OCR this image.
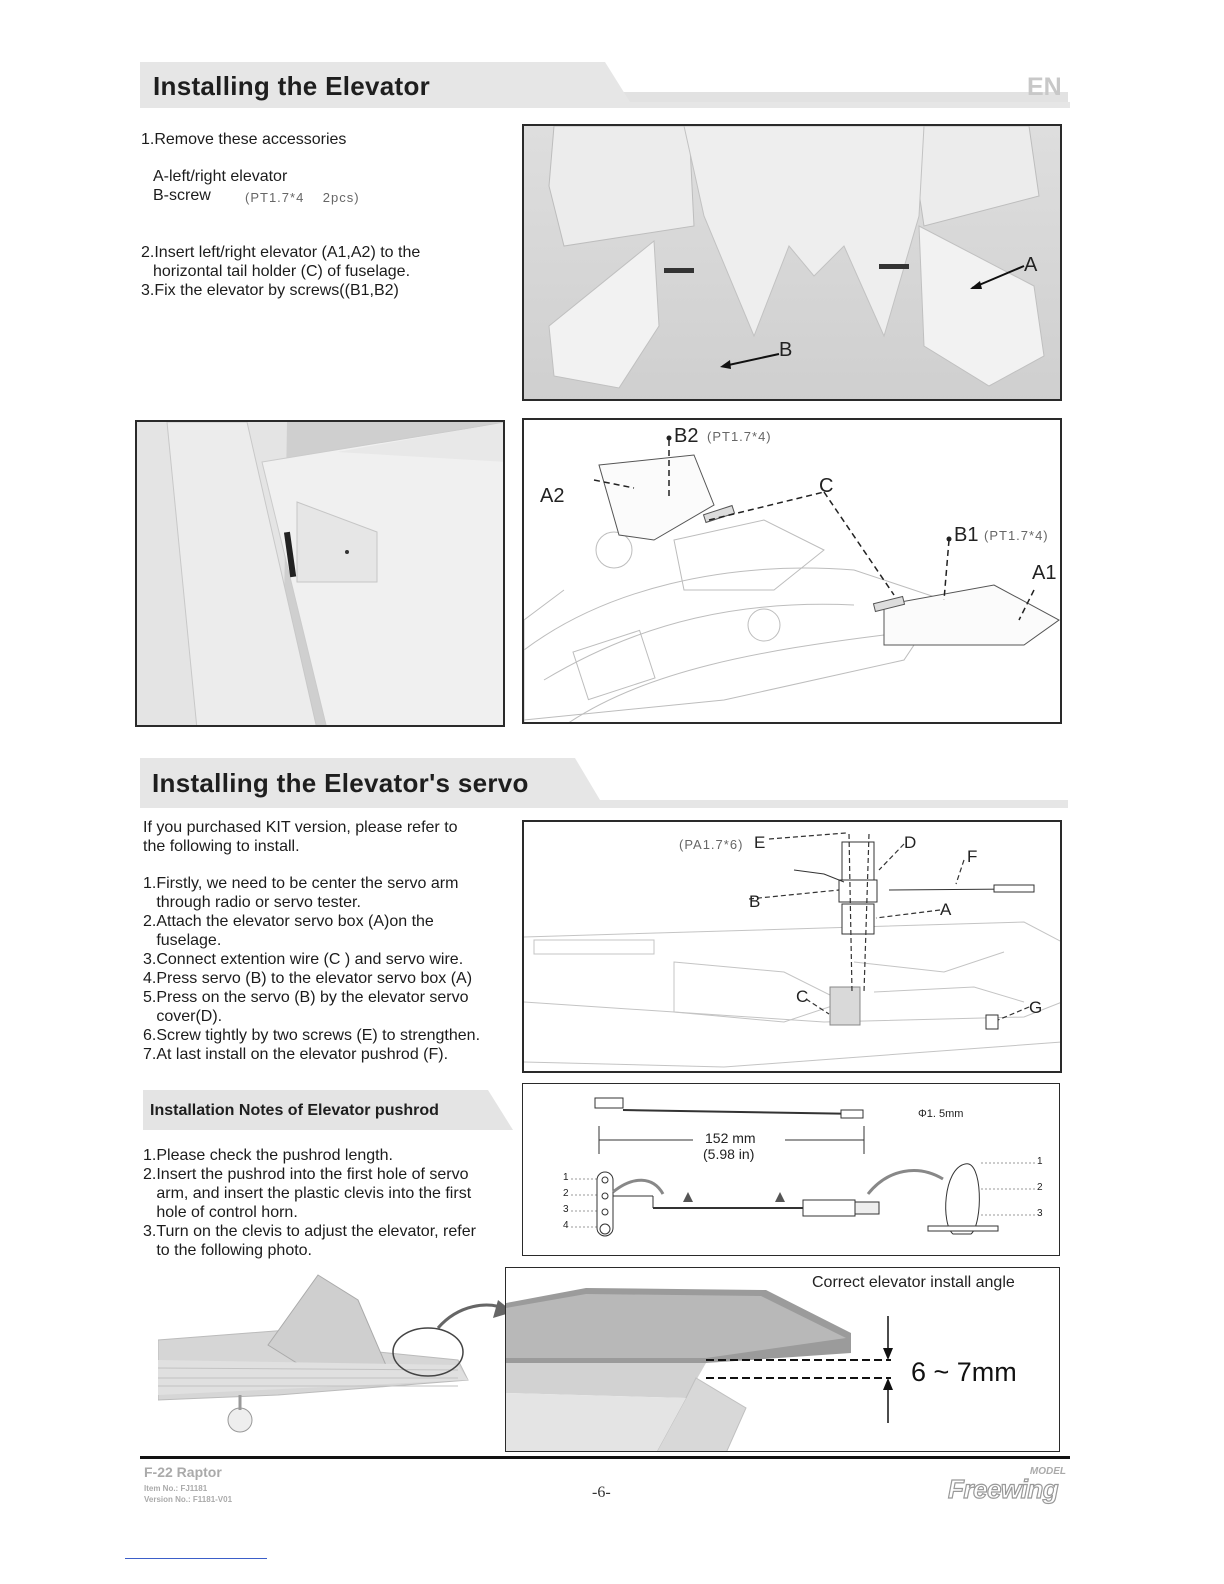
Installing the Elevator	EN
1.Remove these accessories
A-left/right elevator
B-screw	(PT1.7*4    2pcs)
2.Insert left/right elevator (A1,A2) to the
horizontal tail holder (C) of fuselage.
3.Fix the elevator by screws((B1,B2)
A
B
B2 (PT1.7*4)
A2	C
B1 (PT1.7*4)
A1
Installing the Elevator's servo
If you purchased KIT version, please refer to
the following to install.
1.Firstly, we need to be center the servo arm
through radio or servo tester.
2.Attach the elevator servo box (A)on the
fuselage.
3.Connect extention wire (C ) and servo wire.
4.Press servo (B) to the elevator servo box (A)
5.Press on the servo (B) by the elevator servo
cover(D).
6.Screw tightly by two screws (E) to strengthen.
7.At last install on the elevator pushrod (F).
(PA1.7*6) E	D
F
B	A
C
G
Installation Notes of Elevator pushrod
1.Please check the pushrod length.
2.Insert the pushrod into the first hole of servo
arm, and insert the plastic clevis into the first
hole of control horn.
3.Turn on the clevis to adjust the elevator, refer
to the following photo.
152 mm
(5.98 in)
Φ1. 5mm
1
2
3
4
1
2
3
Correct elevator install angle
6 ~ 7mm
F-22 Raptor
Item No.: FJ1181
Version No.: F1181-V01	-6-
MODEL
Freewing
